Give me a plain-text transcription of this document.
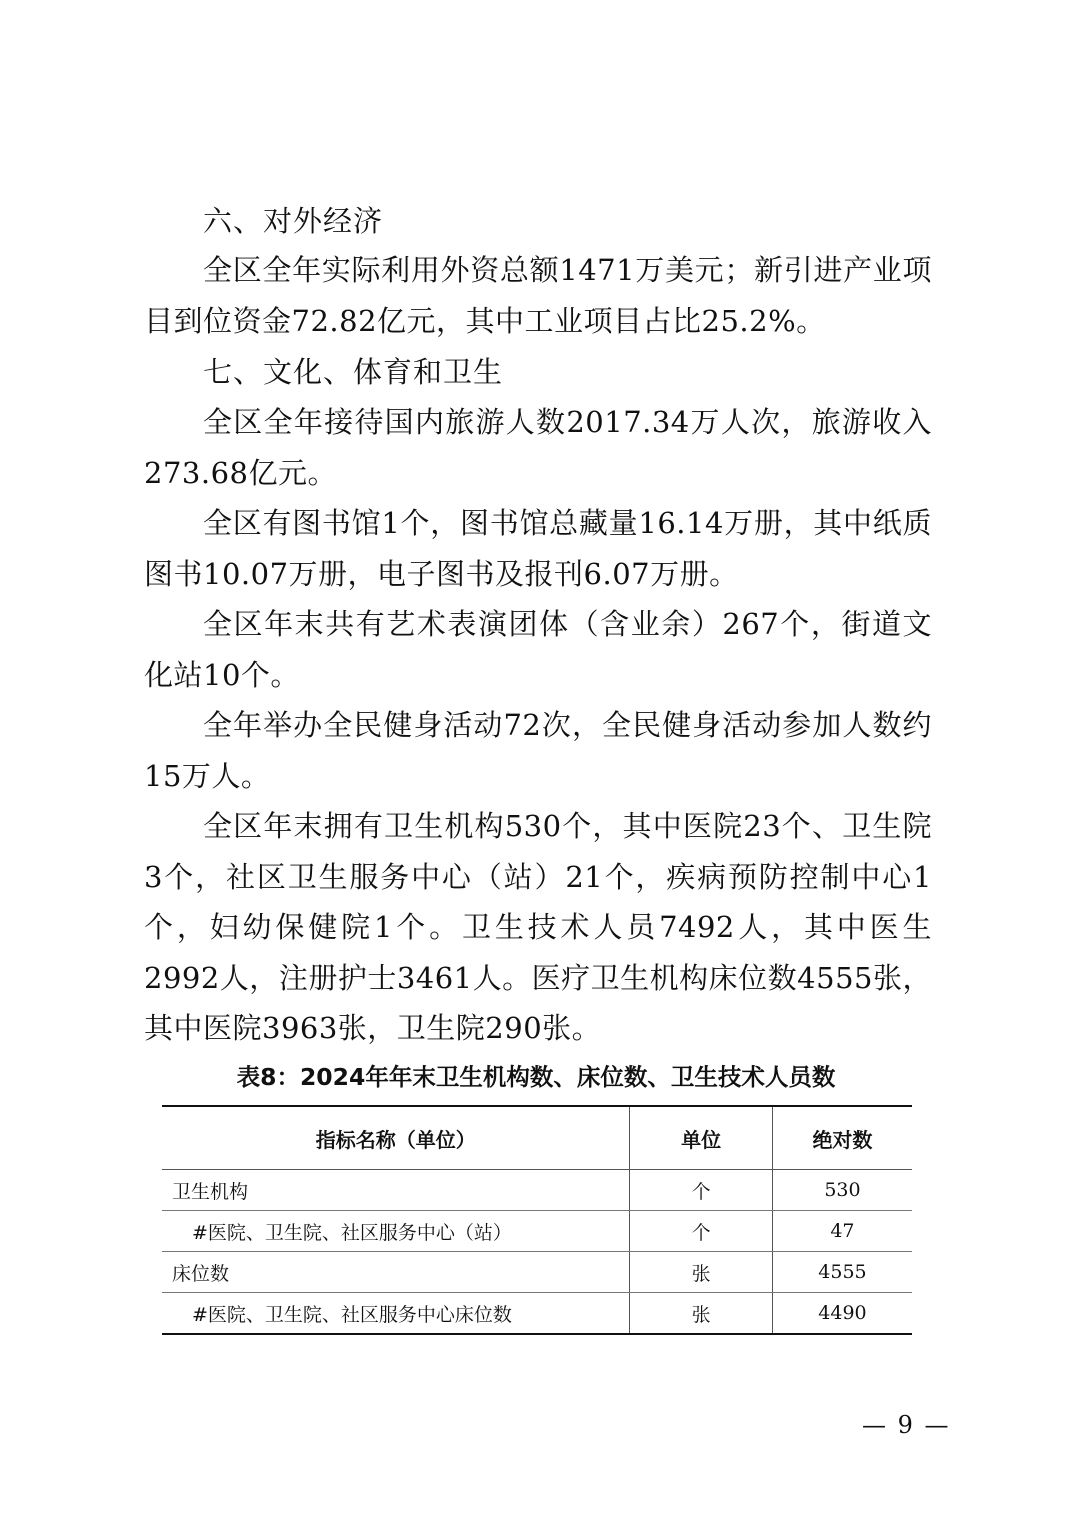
六、对外经济

全区全年实际利用外资总额1471万美元；新引进产业项目到位资金72.82亿元，其中工业项目占比25.2%。

七、文化、体育和卫生

全区全年接待国内旅游人数2017.34万人次，旅游收入273.68亿元。

全区有图书馆1个，图书馆总藏量16.14万册，其中纸质图书10.07万册，电子图书及报刊6.07万册。

全区年末共有艺术表演团体（含业余）267个，街道文化站10个。

全年举办全民健身活动72次，全民健身活动参加人数约15万人。

全区年末拥有卫生机构530个，其中医院23个、卫生院3个，社区卫生服务中心（站）21个，疾病预防控制中心1个，妇幼保健院1个。卫生技术人员7492人，其中医生2992人，注册护士3461人。医疗卫生机构床位数4555张，其中医院3963张，卫生院290张。

表8：2024年年末卫生机构数、床位数、卫生技术人员数
指标名称（单位）	单位	绝对数
卫生机构	个	530
#医院、卫生院、社区服务中心（站）	个	47
床位数	张	4555
#医院、卫生院、社区服务中心床位数	张	4490
— 9 —
